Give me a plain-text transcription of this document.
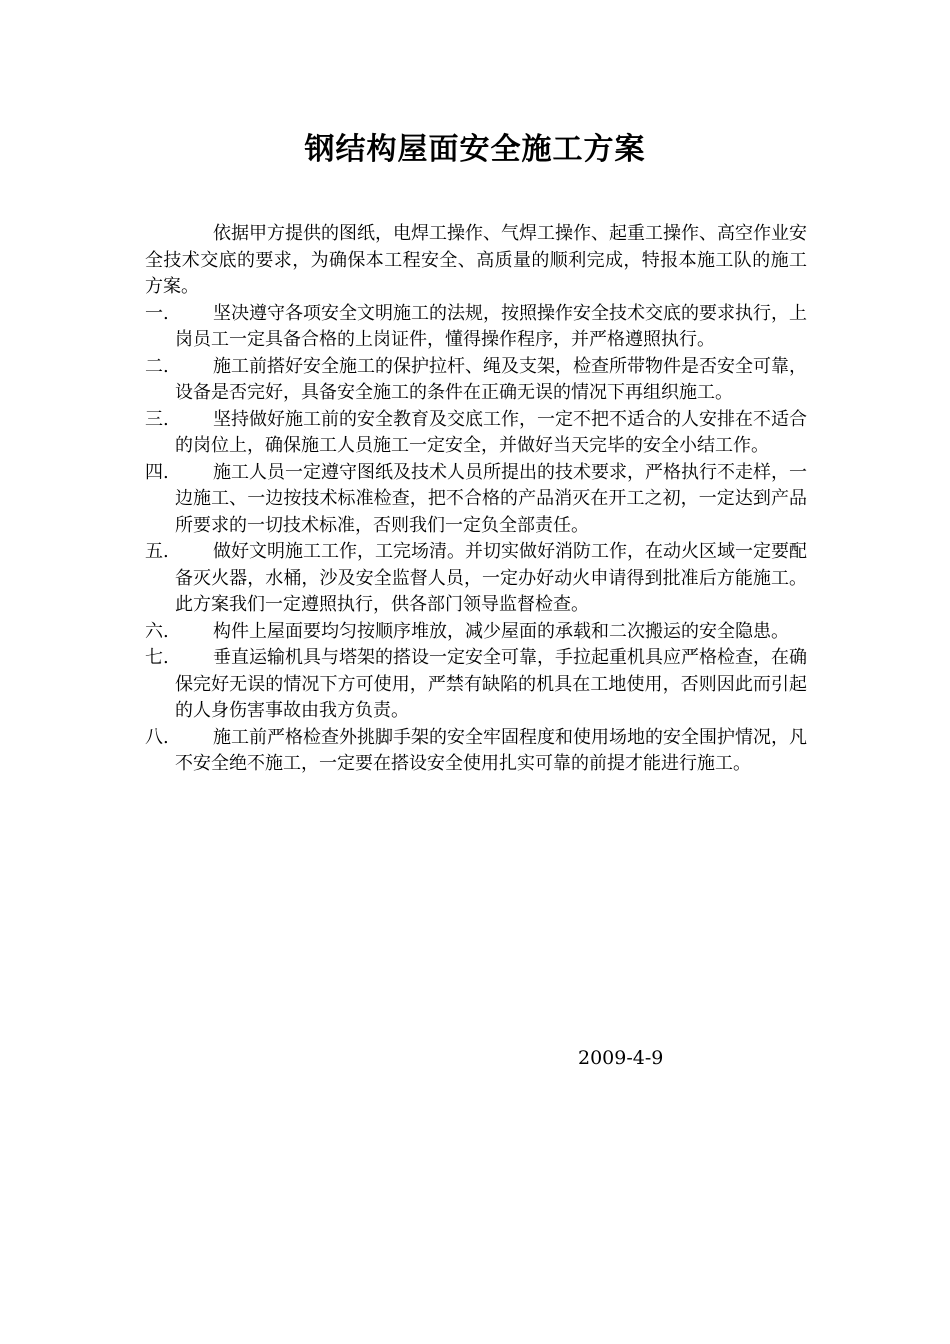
钢结构屋面安全施工方案

依据甲方提供的图纸，电焊工操作、气焊工操作、起重工操作、高空作业安全技术交底的要求，为确保本工程安全、高质量的顺利完成，特报本施工队的施工方案。

一.	坚决遵守各项安全文明施工的法规，按照操作安全技术交底的要求执行，上岗员工一定具备合格的上岗证件，懂得操作程序，并严格遵照执行。
二.	施工前搭好安全施工的保护拉杆、绳及支架，检查所带物件是否安全可靠，设备是否完好，具备安全施工的条件在正确无误的情况下再组织施工。
三.	坚持做好施工前的安全教育及交底工作，一定不把不适合的人安排在不适合的岗位上，确保施工人员施工一定安全，并做好当天完毕的安全小结工作。
四.	施工人员一定遵守图纸及技术人员所提出的技术要求，严格执行不走样，一边施工、一边按技术标准检查，把不合格的产品消灭在开工之初，一定达到产品所要求的一切技术标准，否则我们一定负全部责任。
五.	做好文明施工工作，工完场清。并切实做好消防工作，在动火区域一定要配备灭火器，水桶，沙及安全监督人员，一定办好动火申请得到批准后方能施工。此方案我们一定遵照执行，供各部门领导监督检查。
六.	构件上屋面要均匀按顺序堆放，减少屋面的承载和二次搬运的安全隐患。
七.	垂直运输机具与塔架的搭设一定安全可靠，手拉起重机具应严格检查，在确保完好无误的情况下方可使用，严禁有缺陷的机具在工地使用，否则因此而引起的人身伤害事故由我方负责。
八.	施工前严格检查外挑脚手架的安全牢固程度和使用场地的安全围护情况，凡不安全绝不施工，一定要在搭设安全使用扎实可靠的前提才能进行施工。
2009-4-9
